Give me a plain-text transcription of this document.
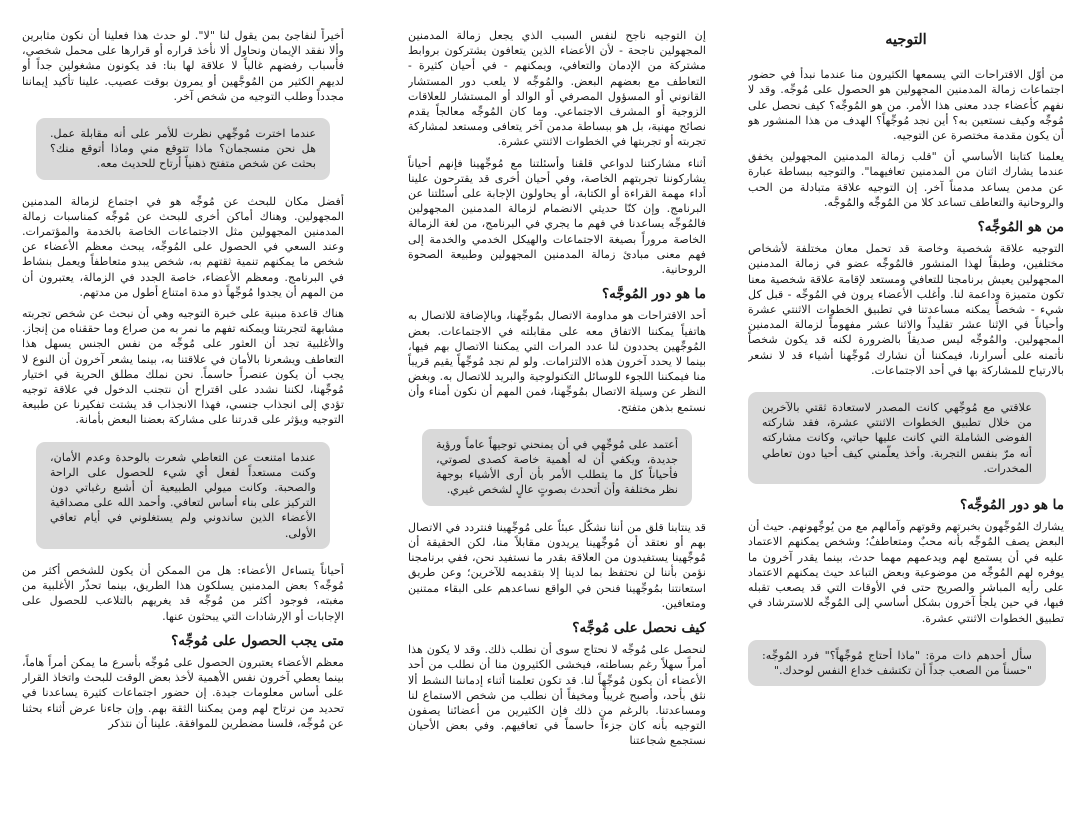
التوجيه

من أوّل الاقتراحات التي يسمعها الكثيرون منا عندما نبدأ في حضور اجتماعات زمالة المدمنين المجهولين هو الحصول على مُوجِّه. وقد لا نفهم كأعضاء جدد معنى هذا الأمر. من هو المُوجِّه؟ كيف نحصل على مُوجِّه وكيف نستعين به؟ أين نجد مُوجِّهاً؟ الهدف من هذا المنشور هو أن يكون مقدمة مختصرة عن التوجيه.

يعلمنا كتابنا الأساسي أن "قلب زمالة المدمنين المجهولين يخفق عندما يشارك اثنان من المدمنين تعافيهما". والتوجيه ببساطة عبارة عن مدمن يساعد مدمناً آخر. إن التوجيه علاقة متبادلة من الحب والروحانية والتعاطف تساعد كلا من المُوجِّه والمُوجَّه.

من هو المُوجِّه؟

التوجيه علاقة شخصية وخاصة قد تحمل معان مختلفة لأشخاص مختلفين، وطبقاً لهذا المنشور فالمُوجِّه عضو في زمالة المدمنين المجهولين يعيش برنامجنا للتعافي ومستعد لإقامة علاقة شخصية معنا تكون متميزة وداعمة لنا. وأغلب الأعضاء يرون في المُوجِّه - قبل كل شيء - شخصاً يمكنه مساعدتنا في تطبيق الخطوات الاثنتي عشرة وأحياناً في الإثنا عشر تقليداً والاثنا عشر مفهوماً لزمالة المدمنين المجهولين. والمُوجِّه ليس صديقاً بالضرورة لكنه قد يكون شخصاً نأتمنه على أسرارنا، فيمكننا أن نشارك مُوجِّهنا أشياء قد لا نشعر بالارتياح للمشاركة بها في أحد الاجتماعات.

علاقتي مع مُوجِّهي كانت المصدر لاستعادة ثقتي بالآخرين من خلال تطبيق الخطوات الاثنتي عشرة، فقد شاركته الفوضى الشاملة التي كانت عليها حياتي، وكانت مشاركته أنه مرّ بنفس التجربة. وأخذ يعلّمني كيف أحيا دون تعاطي المخدرات.
ما هو دور المُوجِّه؟

يشارك المُوجِّهون بخبرتهم وقوتهم وآمالهم مع من يُوجِّهونهم. حيث أن البعض يصف المُوجِّه بأنه محبٌ ومتعاطفٌ؛ وشخص يمكنهم الاعتماد عليه في أن يستمع لهم ويدعمهم مهما حدث، بينما يقدر آخرون ما يوفره لهم المُوجِّه من موضوعية وبعض التباعد حيث يمكنهم الاعتماد على رأيه المباشر والصريح حتى في الأوقات التي قد يصعب تقبله فيها، في حين يلجأ آخرون بشكل أساسي إلى المُوجِّه للاسترشاد في تطبيق الخطوات الاثنتي عشرة.

سأل أحدهم ذات مرة: "ماذا أحتاج مُوجِّهاً؟" فرد المُوجِّه: "حسناً من الصعب جداً أن تكتشف خداع النفس لوحدك."

إن التوجيه ناجح لنفس السبب الذي يجعل زمالة المدمنين المجهولين ناجحة - لأن الأعضاء الذين يتعافون يشتركون بروابط مشتركة من الإدمان والتعافي، ويمكنهم - في أحيان كثيرة - التعاطف مع بعضهم البعض. والمُوجِّه لا يلعب دور المستشار القانوني أو المسؤول المصرفي أو الوالد أو المستشار للعلاقات الزوجية أو المشرف الاجتماعي. وما كان المُوجِّه معالجاً يقدم نصائح مهنية، بل هو ببساطة مدمن آخر يتعافى ومستعد لمشاركة تجربته أو تجربتها في الخطوات الاثنتي عشرة.

أثناء مشاركتنا لدواعي قلقنا وأسئلتنا مع مُوجِّهينا فإنهم أحياناً يشاركوننا تجربتهم الخاصة، وفي أحيان أخرى قد يقترحون علينا أداء مهمة القراءة أو الكتابة، أو يحاولون الإجابة على أسئلتنا عن البرنامج. وإن كنّا حديثي الانضمام لزمالة المدمنين المجهولين فالمُوجِّه يساعدنا في فهم ما يجري في البرنامج، من لغة الزمالة الخاصة مروراً بصيغة الاجتماعات والهيكل الخدمي والخدمة إلى فهم معنى مبادئ زمالة المدمنين المجهولين وطبيعة الصحوة الروحانية.

ما هو دور المُوجَّه؟

أحد الاقتراحات هو مداومة الاتصال بمُوجِّهنا، وبالإضافة للاتصال به هاتفياً يمكننا الاتفاق معه على مقابلته في الاجتماعات. بعض المُوجِّهين يحددون لنا عدد المرات التي يمكننا الاتصال بهم فيها، بينما لا يحدد آخرون هذه الالتزامات. ولو لم نجد مُوجِّهاً يقيم قريباً منا فيمكننا اللجوء للوسائل التكنولوجية والبريد للاتصال به. وبغض النظر عن وسيلة الاتصال بمُوجِّهنا، فمن المهم أن نكون أمناء وأن نستمع بذهن متفتح.

أعتمد على مُوجِّهي في أن يمنحني توجيهاً عاماً ورؤية جديدة، ويكفي أن له أهمية خاصة كصدى لصوتي، فأحياناً كل ما يتطلب الأمر بأن أرى الأشياء بوجهة نظر مختلفة وأن أتحدث بصوتٍ عالٍ لشخص غيري.

قد ينتابنا قلق من أننا نشكّل عبئاً على مُوجِّهينا فنتردد في الاتصال بهم أو نعتقد أن مُوجِّهينا يريدون مقابلاً منا، لكن الحقيقة أن مُوجِّهينا يستفيدون من العلاقة بقدر ما نستفيد نحن، ففي برنامجنا نؤمن بأننا لن نحتفظ بما لدينا إلا بتقديمه للآخرين؛ وعن طريق استعانتنا بمُوجِّهينا فنحن في الواقع نساعدهم على البقاء ممتنين ومتعافين.

كيف نحصل على مُوجِّه؟

لنحصل على مُوجِّه لا نحتاج سوى أن نطلب ذلك. وقد لا يكون هذا أمراً سهلاً رغم بساطته، فيخشى الكثيرون منا أن نطلب من أحد الأعضاء أن يكون مُوجِّهاً لنا. قد تكون تعلمنا أثناء إدماننا النشط ألا نثق بأحد، وأصبح غريباً ومخيفاً أن نطلب من شخص الاستماع لنا ومساعدتنا. بالرغم من ذلك فإن الكثيرين من أعضائنا يصفون التوجيه بأنه كان جزءاً حاسماً في تعافيهم. وفي بعض الأحيان نستجمع شجاعتنا

أخيراً لنفاجئ بمن يقول لنا "لا". لو حدث هذا فعلينا أن نكون مثابرين وألا نفقد الإيمان ونحاول ألا نأخذ قراره أو قرارها على محمل شخصي، فأسباب رفضهم غالباً لا علاقة لها بنا: قد يكونون مشغولين جداً أو لديهم الكثير من المُوجَّهين أو يمرون بوقت عصيب. علينا تأكيد إيماننا مجدداً وطلب التوجيه من شخص آخر.

عندما اخترت مُوجِّهي نظرت للأمر على أنه مقابلة عمل. هل نحن منسجمان؟ ماذا تتوقع مني وماذا أتوقع منك؟ بحثت عن شخص متفتح ذهنياً أرتاح للحديث معه.

أفضل مكان للبحث عن مُوجِّه هو في اجتماع لزمالة المدمنين المجهولين. وهناك أماكن أخرى للبحث عن مُوجِّه كمناسبات زمالة المدمنين المجهولين مثل الاجتماعات الخاصة بالخدمة والمؤتمرات. وعند السعي في الحصول على المُوجِّه، يبحث معظم الأعضاء عن شخص ما يمكنهم تنمية ثقتهم به، شخص يبدو متعاطفاً ويعمل بنشاط في البرنامج. ومعظم الأعضاء، خاصة الجدد في الزمالة، يعتبرون أن من المهم أن يجدوا مُوجِّهاً ذو مدة امتناع أطول من مدتهم.

هناك قاعدة مبنية على خبرة التوجيه وهي أن نبحث عن شخص تجربته مشابهة لتجربتنا ويمكنه تفهم ما نمر به من صراع وما حققناه من إنجاز. والأغلبية تجد أن العثور على مُوجِّه من نفس الجنس يسهل هذا التعاطف ويشعرنا بالأمان في علاقتنا به، بينما يشعر آخرون أن النوع لا يجب أن يكون عنصراً حاسماً. نحن نملك مطلق الحرية في اختيار مُوجِّهنا، لكننا نشدد على اقتراح أن نتجنب الدخول في علاقة توجيه تؤدي إلى انجذاب جنسي، فهذا الانجذاب قد يشتت تفكيرنا عن طبيعة التوجيه ويؤثر على قدرتنا على مشاركة بعضنا البعض بأمانة.

عندما امتنعت عن التعاطي شعرت بالوحدة وعدم الأمان، وكنت مستعداً لفعل أي شيء للحصول على الراحة والصحبة. وكانت ميولي الطبيعية أن أشبع رغباتي دون التركيز على بناء أساس لتعافي. وأحمد الله على مصداقية الأعضاء الذين ساندوني ولم يستغلوني في أيام تعافي الأولى.

أحياناً يتساءل الأعضاء: هل من الممكن أن يكون للشخص أكثر من مُوجِّه؟ بعض المدمنين يسلكون هذا الطريق، بينما تحذّر الأغلبية من مغبته، فوجود أكثر من مُوجِّه قد يغريهم بالتلاعب للحصول على الإجابات أو الإرشادات التي يبحثون عنها.

متى يجب الحصول على مُوجِّه؟

معظم الأعضاء يعتبرون الحصول على مُوجِّه بأسرع ما يمكن أمراً هاماً، بينما يعطي آخرون نفس الأهمية لأخذ بعض الوقت للبحث واتخاذ القرار على أساس معلومات جيدة. إن حضور اجتماعات كثيرة يساعدنا في تحديد من نرتاح لهم ومن يمكننا الثقة بهم. وإن جاءنا عرض أثناء بحثنا عن مُوجِّه، فلسنا مضطرين للموافقة. علينا أن نتذكر
